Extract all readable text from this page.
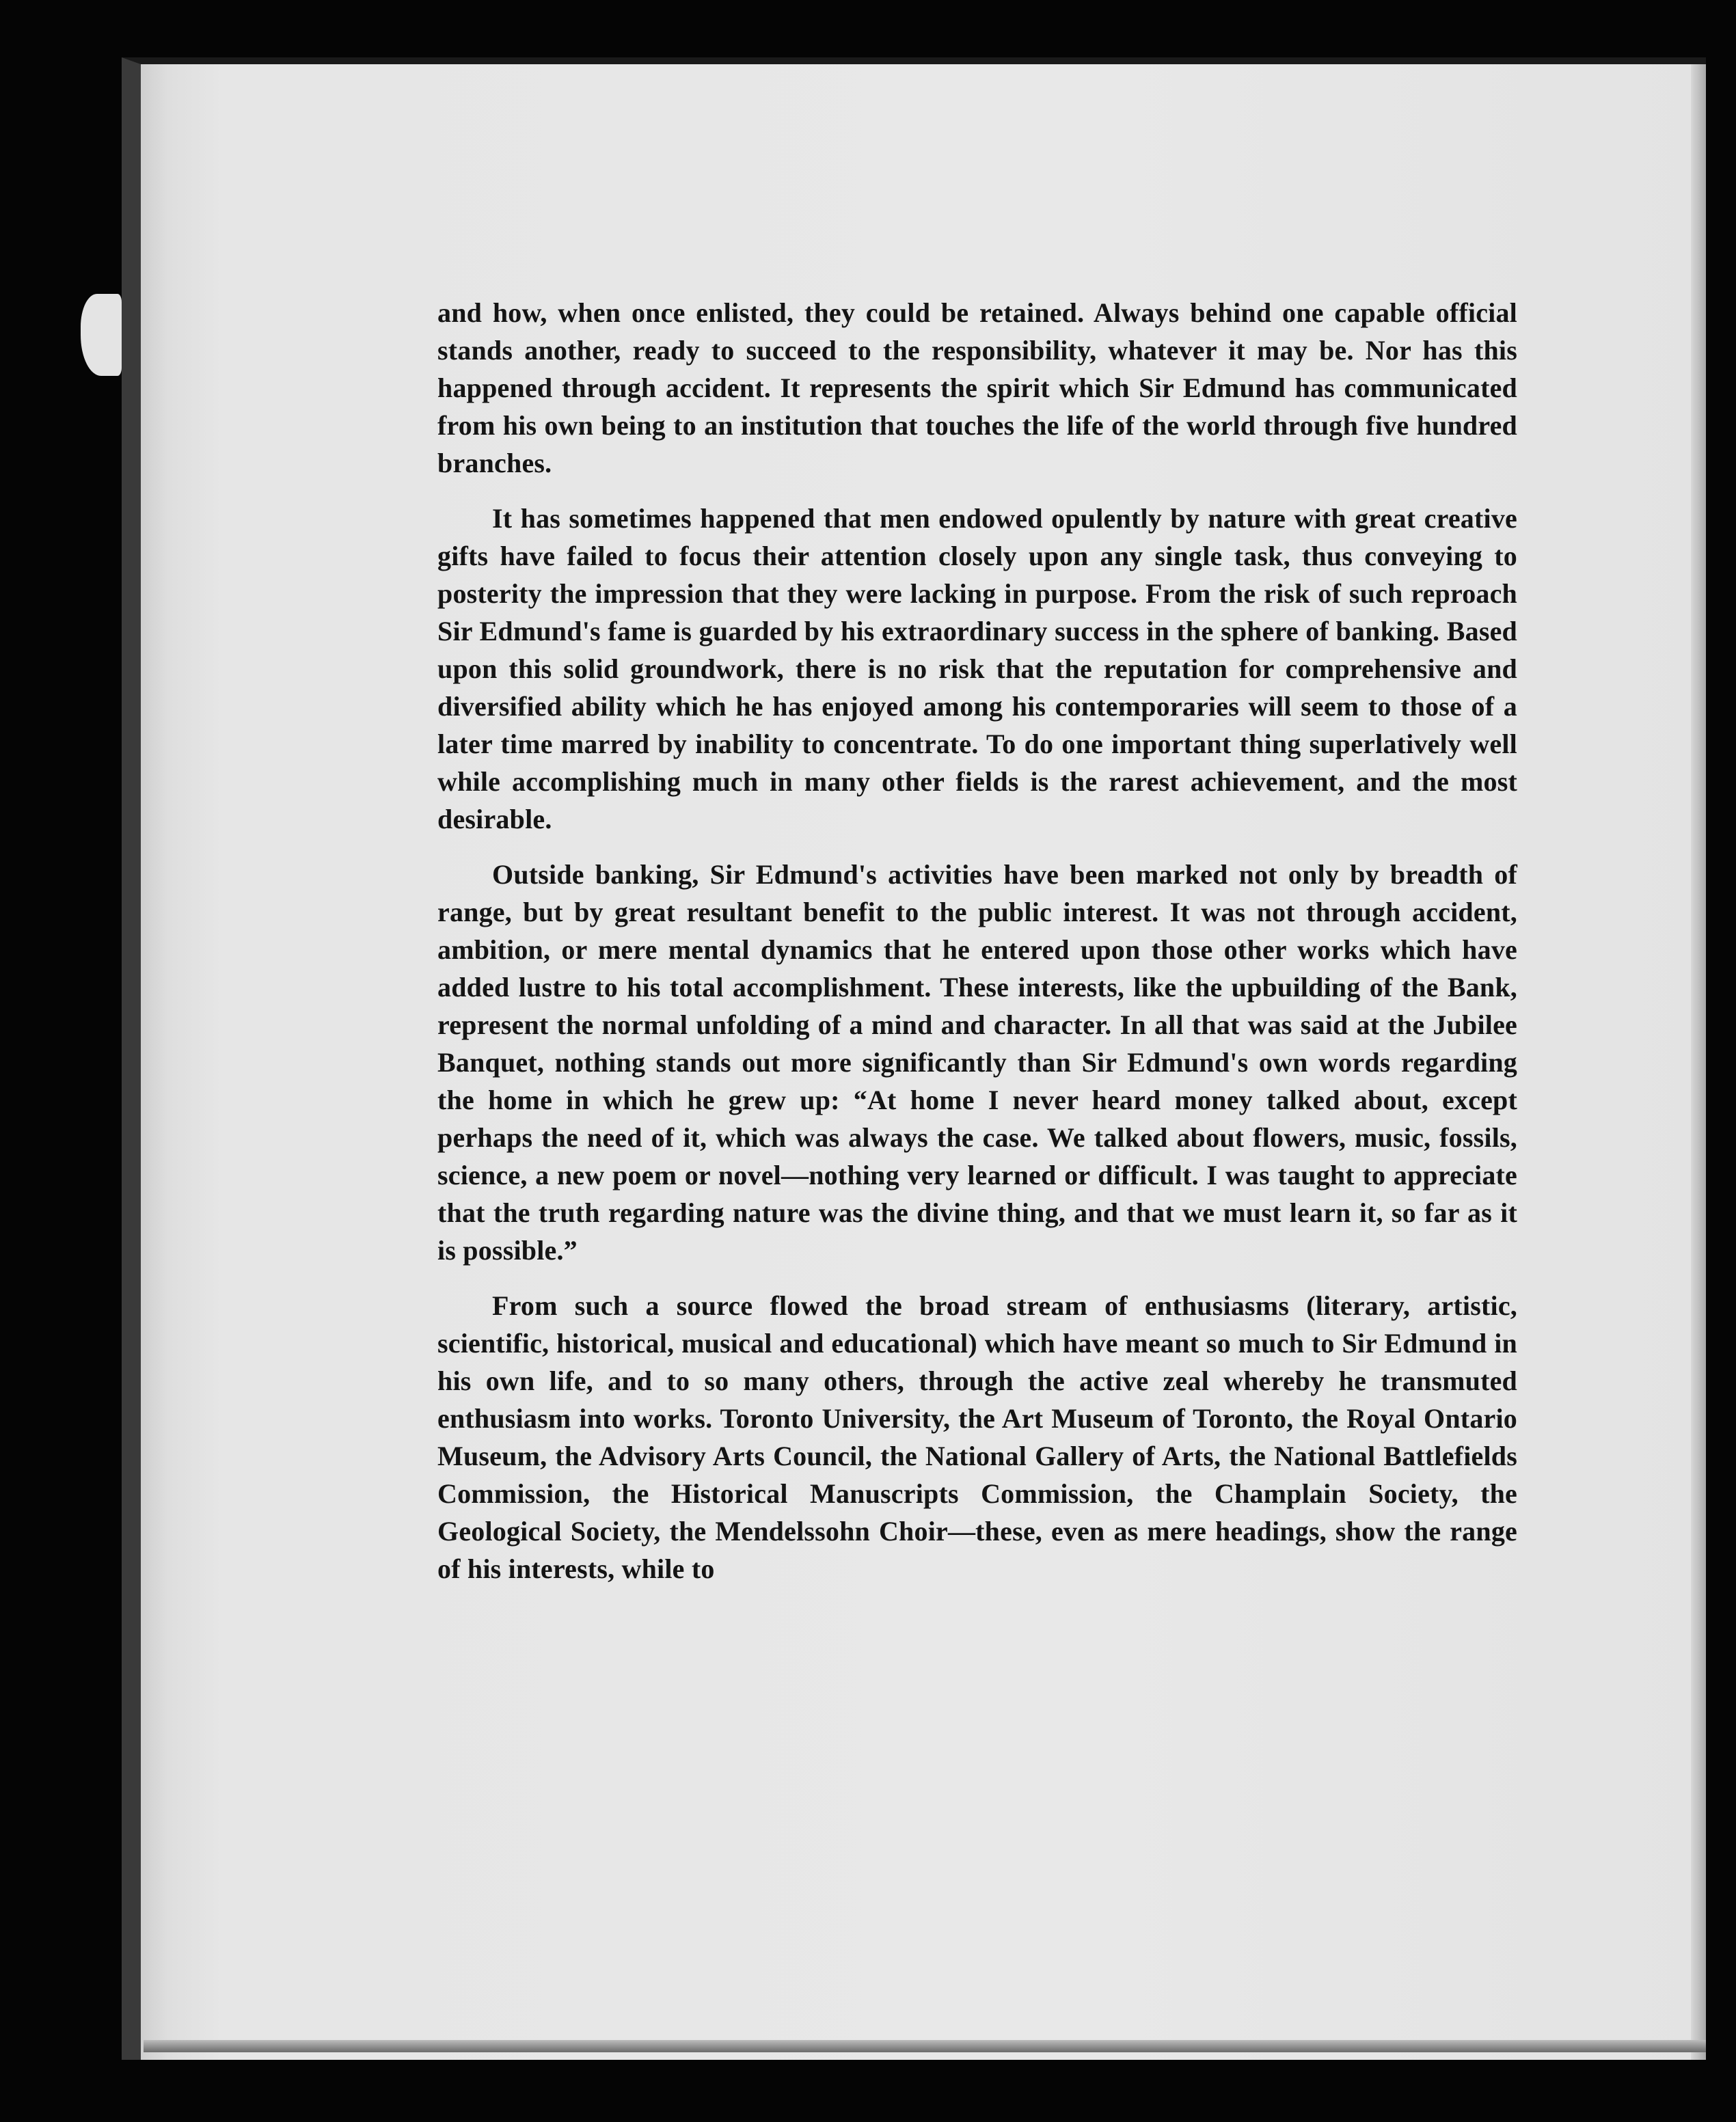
and how, when once enlisted, they could be retained. Always behind one capable official stands another, ready to succeed to the responsibility, whatever it may be. Nor has this happened through accident. It represents the spirit which Sir Edmund has communicated from his own being to an institution that touches the life of the world through five hundred branches.

It has sometimes happened that men endowed opulently by nature with great creative gifts have failed to focus their attention closely upon any single task, thus conveying to posterity the impression that they were lacking in purpose. From the risk of such reproach Sir Edmund's fame is guarded by his extraordinary success in the sphere of banking. Based upon this solid groundwork, there is no risk that the reputation for comprehensive and diversified ability which he has enjoyed among his contemporaries will seem to those of a later time marred by inability to concentrate. To do one important thing superlatively well while accomplishing much in many other fields is the rarest achievement, and the most desirable.

Outside banking, Sir Edmund's activities have been marked not only by breadth of range, but by great resultant benefit to the public interest. It was not through accident, ambition, or mere mental dynamics that he entered upon those other works which have added lustre to his total accomplishment. These interests, like the upbuilding of the Bank, represent the normal unfolding of a mind and character. In all that was said at the Jubilee Banquet, nothing stands out more significantly than Sir Edmund's own words regarding the home in which he grew up: “At home I never heard money talked about, except perhaps the need of it, which was always the case. We talked about flowers, music, fossils, science, a new poem or novel—nothing very learned or difficult. I was taught to appreciate that the truth regarding nature was the divine thing, and that we must learn it, so far as it is possible.”

From such a source flowed the broad stream of enthusiasms (literary, artistic, scientific, historical, musical and educational) which have meant so much to Sir Edmund in his own life, and to so many others, through the active zeal whereby he transmuted enthusiasm into works. Toronto University, the Art Museum of Toronto, the Royal Ontario Museum, the Advisory Arts Council, the National Gallery of Arts, the National Battlefields Commission, the Historical Manuscripts Commission, the Champlain Society, the Geological Society, the Mendelssohn Choir—these, even as mere headings, show the range of his interests, while to
